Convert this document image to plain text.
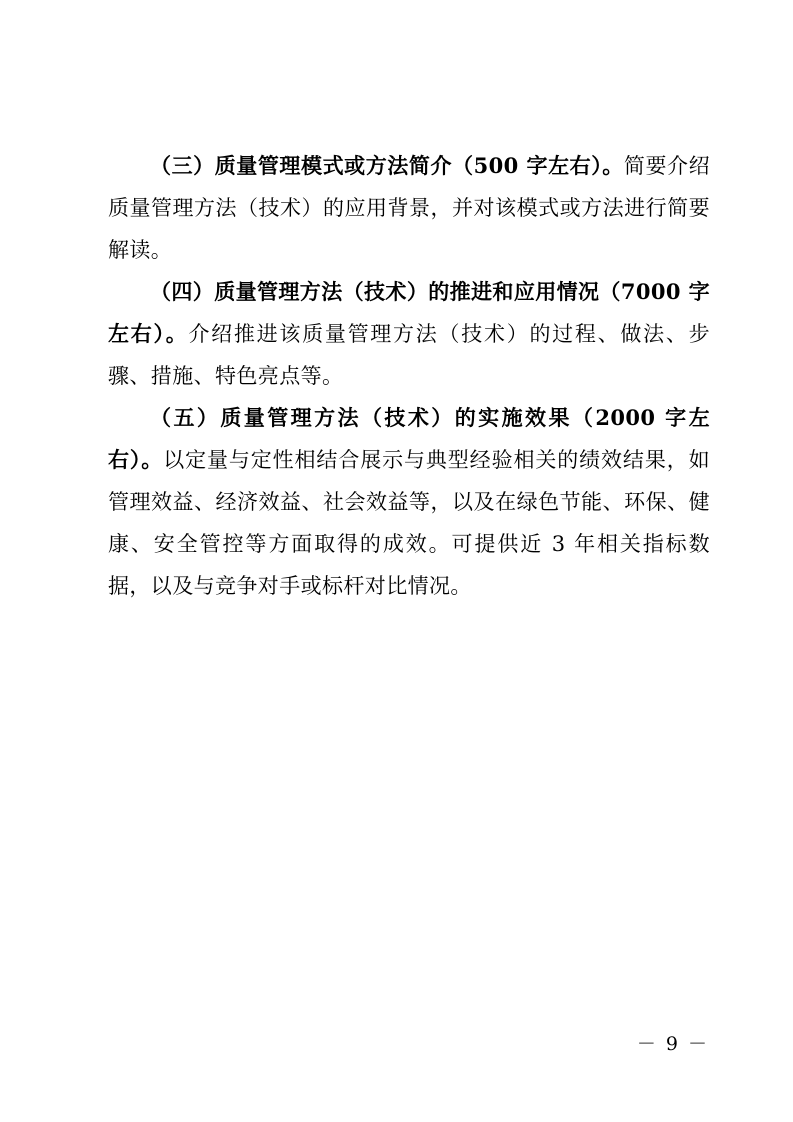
（三）质量管理模式或方法简介（500 字左右）。简要介绍质量管理方法（技术）的应用背景，并对该模式或方法进行简要解读。

（四）质量管理方法（技术）的推进和应用情况（7000 字左右）。介绍推进该质量管理方法（技术）的过程、做法、步骤、措施、特色亮点等。

（五）质量管理方法（技术）的实施效果（2000 字左右）。以定量与定性相结合展示与典型经验相关的绩效结果，如管理效益、经济效益、社会效益等，以及在绿色节能、环保、健康、安全管控等方面取得的成效。可提供近 3 年相关指标数据，以及与竞争对手或标杆对比情况。

－ 9 －
